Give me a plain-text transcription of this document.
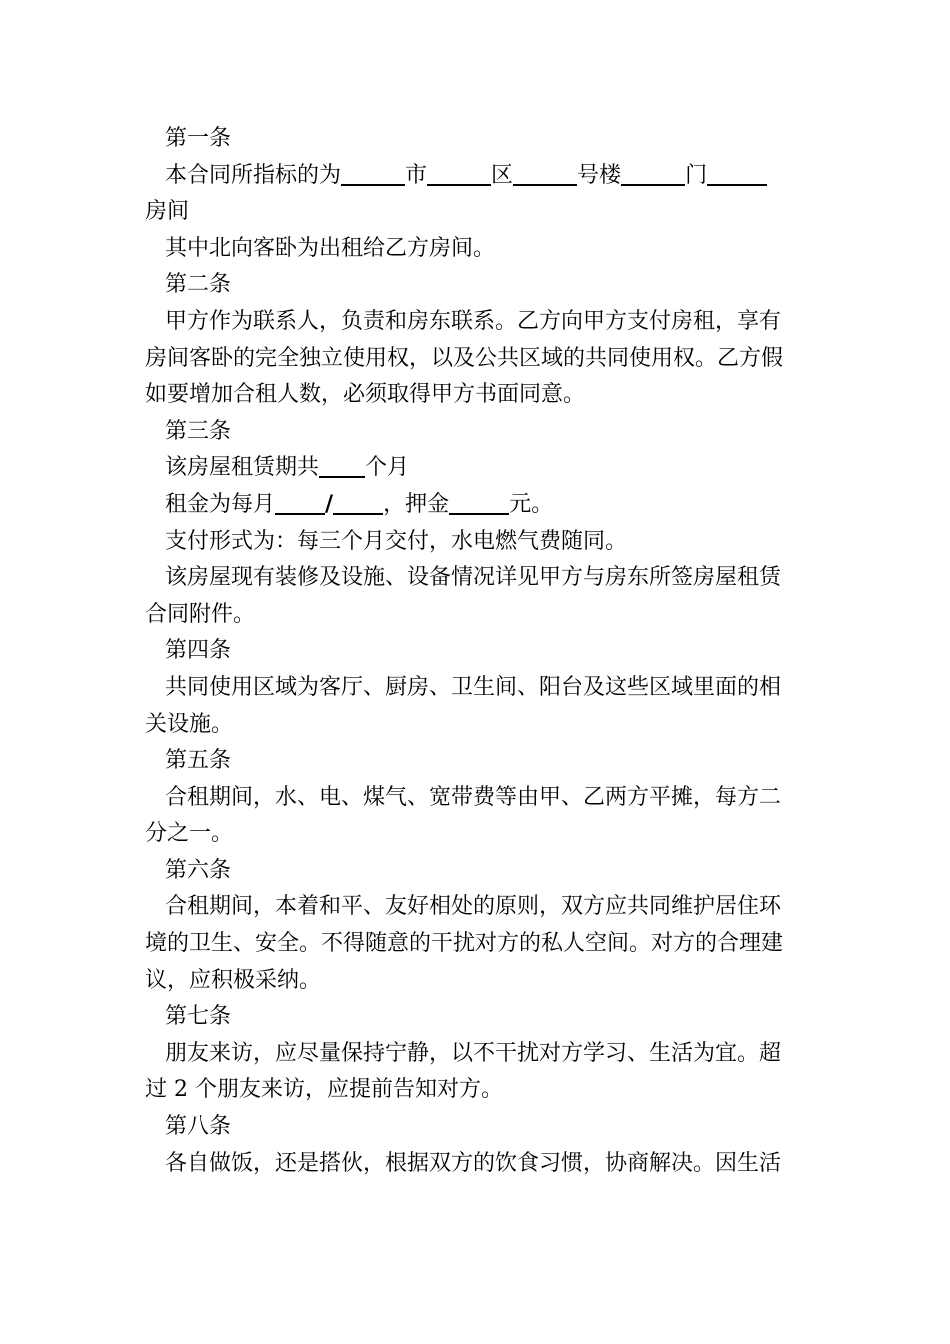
第一条
本合同所指标的为	市	区	号楼	门
房间
其中北向客卧为出租给乙方房间。
第二条
甲方作为联系人，负责和房东联系。乙方向甲方支付房租，享有
房间客卧的完全独立使用权，以及公共区域的共同使用权。乙方假
如要增加合租人数，必须取得甲方书面同意。
第三条
该房屋租赁期共 个月
租金为每月 / ，押金	元。
支付形式为：每三个月交付，水电燃气费随同。
该房屋现有装修及设施、设备情况详见甲方与房东所签房屋租赁
合同附件。
第四条
共同使用区域为客厅、厨房、卫生间、阳台及这些区域里面的相
关设施。
第五条
合租期间，水、电、煤气、宽带费等由甲、乙两方平摊，每方二
分之一。
第六条
合租期间，本着和平、友好相处的原则，双方应共同维护居住环
境的卫生、安全。不得随意的干扰对方的私人空间。对方的合理建
议，应积极采纳。
第七条
朋友来访，应尽量保持宁静，以不干扰对方学习、生活为宜。超
过 2 个朋友来访，应提前告知对方。
第八条
各自做饭，还是搭伙，根据双方的饮食习惯，协商解决。因生活
